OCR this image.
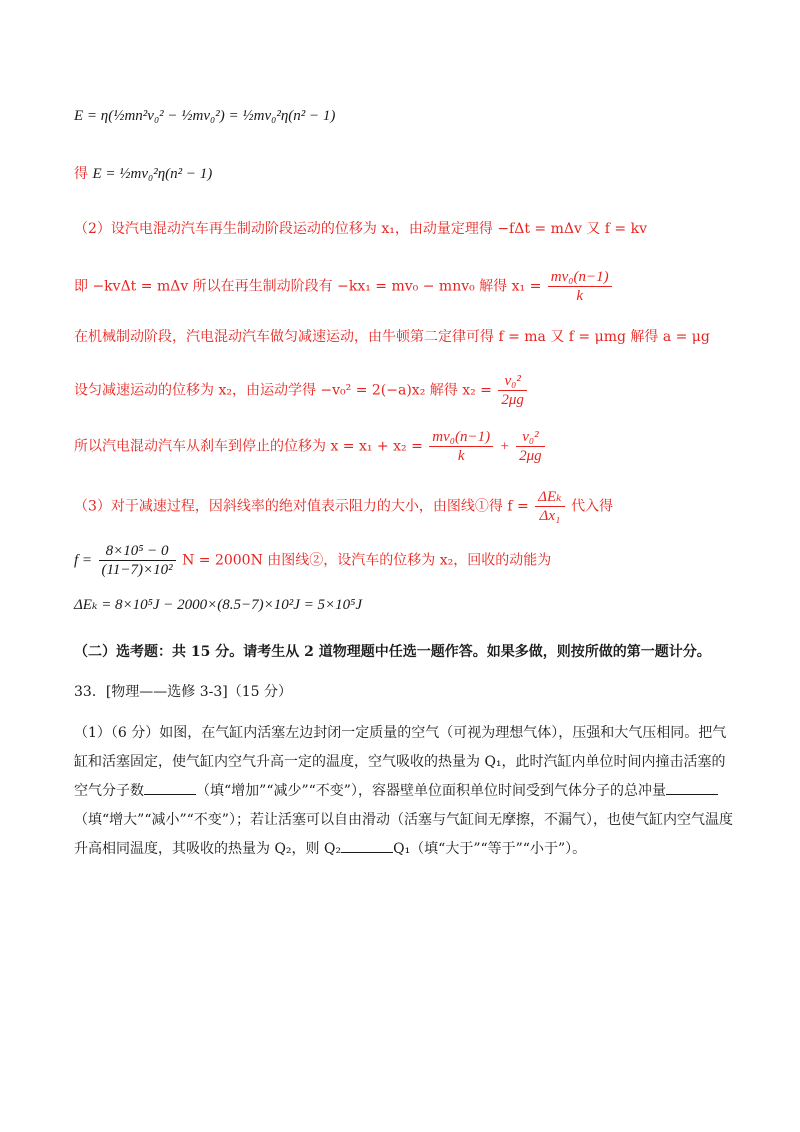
E = η(½mn²v₀² − ½mv₀²) = ½mv₀²η(n² − 1)
得 E = ½mv₀²η(n² − 1)
（2）设汽电混动汽车再生制动阶段运动的位移为 x₁，由动量定理得 −fΔt = mΔv 又 f = kv
即 −kvΔt = mΔv 所以在再生制动阶段有 −kx₁ = mv₀ − mnv₀ 解得 $x_1 = \frac{\text{mv₀(n−1)}}{k}$
在机械制动阶段，汽电混动汽车做匀减速运动，由牛顿第二定律可得 f = ma 又 f = μmg 解得 a = μg
设匀减速运动的位移为 x₂，由运动学得 −v₀² = 2(−a)x₂ 解得 $x_2 = \frac{\text{v₀²}}{2\mu g}$
所以汽电混动汽车从刹车到停止的位移为 $x = x_1 + x_2 = \frac{\text{mv₀(n−1)}}{k} + \frac{\text{v₀²}}{2\mu g}$
（3）对于减速过程，因斜线率的绝对值表示阻力的大小，由图线①得 $f = \frac{\text{ΔEₖ}}{\text{Δx₁}}$ 代入得
$f = \frac{\text{8×10⁵ − 0}}{\text{(11−7)×10²}}$ N = 2000N 由图线②，设汽车的位移为 x₂，回收的动能为
ΔEₖ = 8×10⁵J − 2000×(8.5−7)×10²J = 5×10⁵J
（二）选考题：共 15 分。请考生从 2 道物理题中任选一题作答。如果多做，则按所做的第一题计分。
33．[物理——选修 3-3]（15 分）
（1）（6 分）如图，在气缸内活塞左边封闭一定质量的空气（可视为理想气体），压强和大气压相同。把气缸和活塞固定，使气缸内空气升高一定的温度，空气吸收的热量为 Q₁，此时汽缸内单位时间内撞击活塞的空气分子数	（填“增加”“减少”“不变”），容器壁单位面积单位时间受到气体分子的总冲量（填“增大”“减小”“不变”）；若让活塞可以自由滑动（活塞与气缸间无摩擦，不漏气），也使气缸内空气温度升高相同温度，其吸收的热量为 Q₂，则 Q₂	Q₁（填“大于”“等于”“小于”）。
